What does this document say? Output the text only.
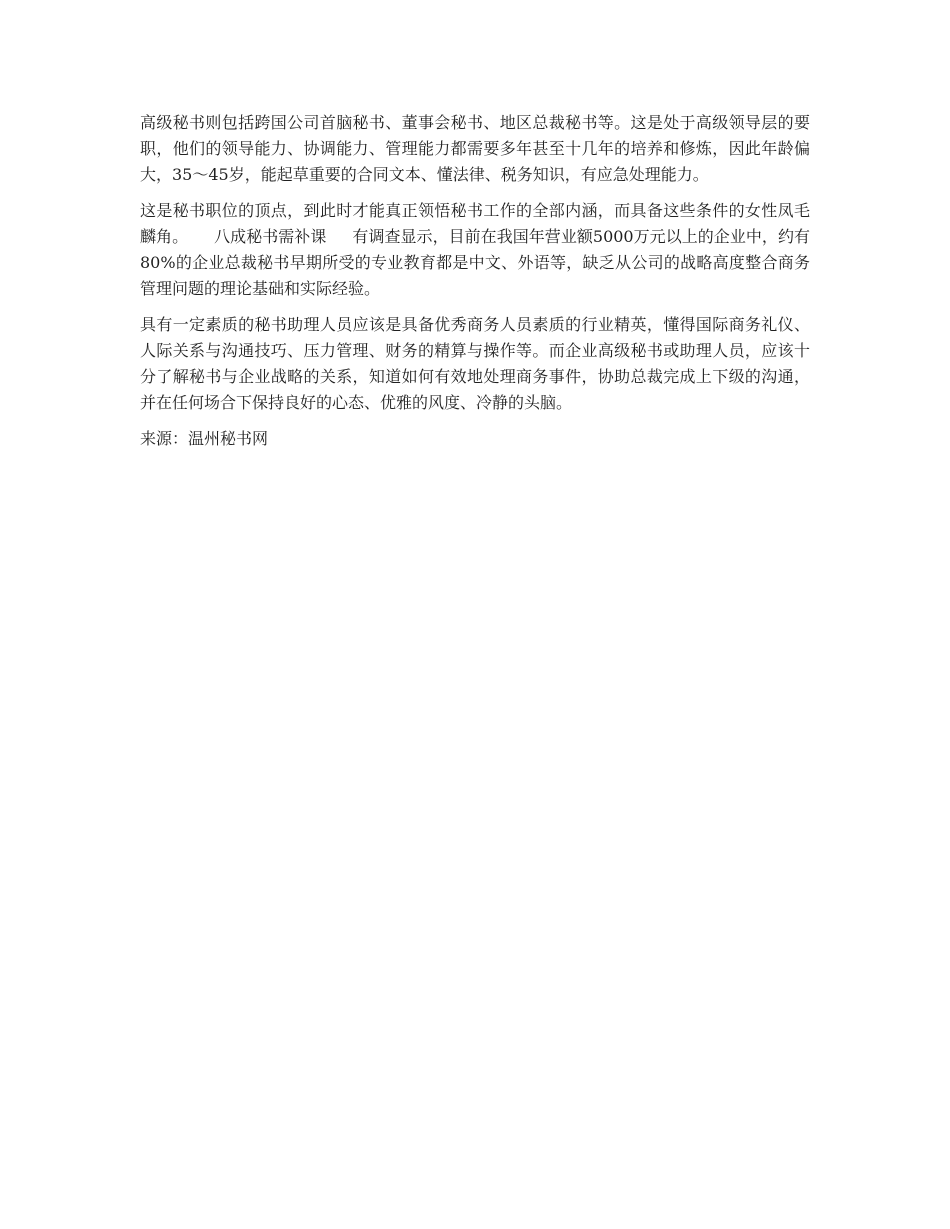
高级秘书则包括跨国公司首脑秘书、董事会秘书、地区总裁秘书等。这是处于高级领导层的要职，他们的领导能力、协调能力、管理能力都需要多年甚至十几年的培养和修炼，因此年龄偏大，35～45岁，能起草重要的合同文本、懂法律、税务知识，有应急处理能力。

这是秘书职位的顶点，到此时才能真正领悟秘书工作的全部内涵，而具备这些条件的女性凤毛麟角。 八成秘书需补课 有调查显示，目前在我国年营业额5000万元以上的企业中，约有80%的企业总裁秘书早期所受的专业教育都是中文、外语等，缺乏从公司的战略高度整合商务管理问题的理论基础和实际经验。

具有一定素质的秘书助理人员应该是具备优秀商务人员素质的行业精英，懂得国际商务礼仪、人际关系与沟通技巧、压力管理、财务的精算与操作等。而企业高级秘书或助理人员，应该十分了解秘书与企业战略的关系，知道如何有效地处理商务事件，协助总裁完成上下级的沟通，并在任何场合下保持良好的心态、优雅的风度、冷静的头脑。

来源：温州秘书网
